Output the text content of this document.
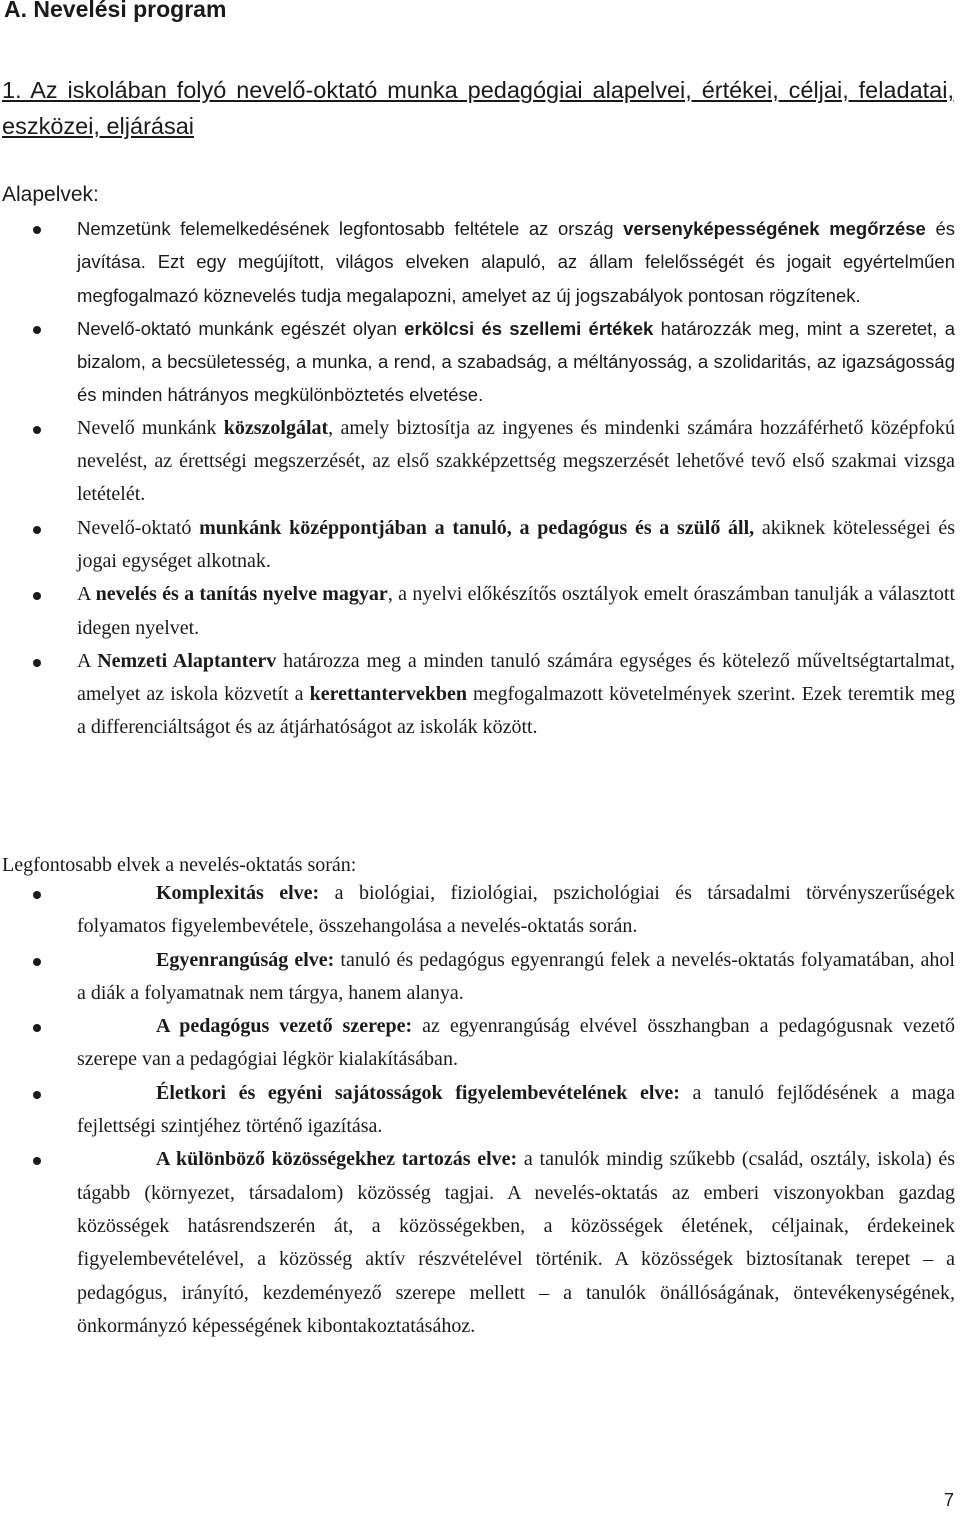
A. Nevelési program
1. Az iskolában folyó nevelő-oktató munka pedagógiai alapelvei, értékei, céljai, feladatai, eszközei, eljárásai
Alapelvek:
Nemzetünk felemelkedésének legfontosabb feltétele az ország versenyképességének megőrzése és javítása. Ezt egy megújított, világos elveken alapuló, az állam felelősségét és jogait egyértelműen megfogalmazó köznevelés tudja megalapozni, amelyet az új jogszabályok pontosan rögzítenek.
Nevelő-oktató munkánk egészét olyan erkölcsi és szellemi értékek határozzák meg, mint a szeretet, a bizalom, a becsületesség, a munka, a rend, a szabadság, a méltányosság, a szolidaritás, az igazságosság és minden hátrányos megkülönböztetés elvetése.
Nevelő munkánk közszolgálat, amely biztosítja az ingyenes és mindenki számára hozzáférhető középfokú nevelést, az érettségi megszerzését, az első szakképzettség megszerzését lehetővé tevő első szakmai vizsga letételét.
Nevelő-oktató munkánk középpontjában a tanuló, a pedagógus és a szülő áll, akiknek kötelességei és jogai egységet alkotnak.
A nevelés és a tanítás nyelve magyar, a nyelvi előkészítős osztályok emelt óraszámban tanulják a választott idegen nyelvet.
A Nemzeti Alaptanterv határozza meg a minden tanuló számára egységes és kötelező műveltségtartalmat, amelyet az iskola közvetít a kerettantervekben megfogalmazott követelmények szerint. Ezek teremtik meg a differenciáltságot és az átjárhatóságot az iskolák között.
Legfontosabb elvek a nevelés-oktatás során:
Komplexitás elve: a biológiai, fiziológiai, pszichológiai és társadalmi törvényszerűségek folyamatos figyelembevétele, összehangolása a nevelés-oktatás során.
Egyenrangúság elve: tanuló és pedagógus egyenrangú felek a nevelés-oktatás folyamatában, ahol a diák a folyamatnak nem tárgya, hanem alanya.
A pedagógus vezető szerepe: az egyenrangúság elvével összhangban a pedagógusnak vezető szerepe van a pedagógiai légkör kialakításában.
Életkori és egyéni sajátosságok figyelembevételének elve: a tanuló fejlődésének a maga fejlettségi szintjéhez történő igazítása.
A különböző közösségekhez tartozás elve: a tanulók mindig szűkebb (család, osztály, iskola) és tágabb (környezet, társadalom) közösség tagjai. A nevelés-oktatás az emberi viszonyokban gazdag közösségek hatásrendszerén át, a közösségekben, a közösségek életének, céljainak, érdekeinek figyelembevételével, a közösség aktív részvételével történik. A közösségek biztosítanak terepet – a pedagógus, irányító, kezdeményező szerepe mellett – a tanulók önállóságának, öntevékenységének, önkormányzó képességének kibontakoztatásához.
7
